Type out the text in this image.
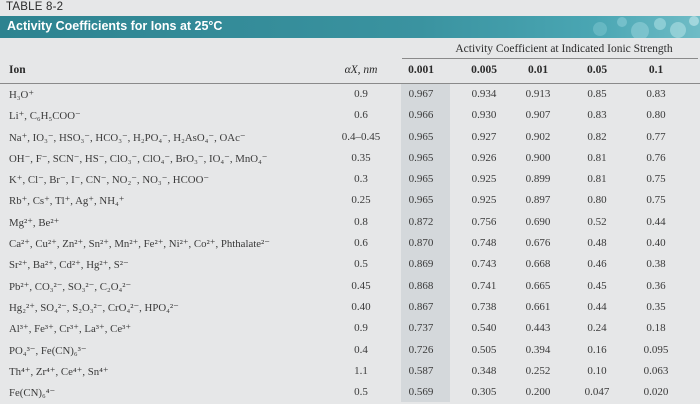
TABLE 8-2
Activity Coefficients for Ions at 25°C
Activity Coefficient at Indicated Ionic Strength
Ion	αX, nm	0.001	0.005	0.01	0.05	0.1
H₃O⁺	0.9	0.967	0.934	0.913	0.85	0.83
Li⁺, C₆H₅COO⁻	0.6	0.966	0.930	0.907	0.83	0.80
Na⁺, IO₃⁻, HSO₃⁻, HCO₃⁻, H₂PO₄⁻, H₂AsO₄⁻, OAc⁻	0.4–0.45	0.965	0.927	0.902	0.82	0.77
OH⁻, F⁻, SCN⁻, HS⁻, ClO₃⁻, ClO₄⁻, BrO₃⁻, IO₄⁻, MnO₄⁻	0.35	0.965	0.926	0.900	0.81	0.76
K⁺, Cl⁻, Br⁻, I⁻, CN⁻, NO₂⁻, NO₃⁻, HCOO⁻	0.3	0.965	0.925	0.899	0.81	0.75
Rb⁺, Cs⁺, Tl⁺, Ag⁺, NH₄⁺	0.25	0.965	0.925	0.897	0.80	0.75
Mg²⁺, Be²⁺	0.8	0.872	0.756	0.690	0.52	0.44
Ca²⁺, Cu²⁺, Zn²⁺, Sn²⁺, Mn²⁺, Fe²⁺, Ni²⁺, Co²⁺, Phthalate²⁻	0.6	0.870	0.748	0.676	0.48	0.40
Sr²⁺, Ba²⁺, Cd²⁺, Hg²⁺, S²⁻	0.5	0.869	0.743	0.668	0.46	0.38
Pb²⁺, CO₃²⁻, SO₃²⁻, C₂O₄²⁻	0.45	0.868	0.741	0.665	0.45	0.36
Hg₂²⁺, SO₄²⁻, S₂O₃²⁻, CrO₄²⁻, HPO₄²⁻	0.40	0.867	0.738	0.661	0.44	0.35
Al³⁺, Fe³⁺, Cr³⁺, La³⁺, Ce³⁺	0.9	0.737	0.540	0.443	0.24	0.18
PO₄³⁻, Fe(CN)₆³⁻	0.4	0.726	0.505	0.394	0.16	0.095
Th⁴⁺, Zr⁴⁺, Ce⁴⁺, Sn⁴⁺	1.1	0.587	0.348	0.252	0.10	0.063
Fe(CN)₆⁴⁻	0.5	0.569	0.305	0.200	0.047	0.020
